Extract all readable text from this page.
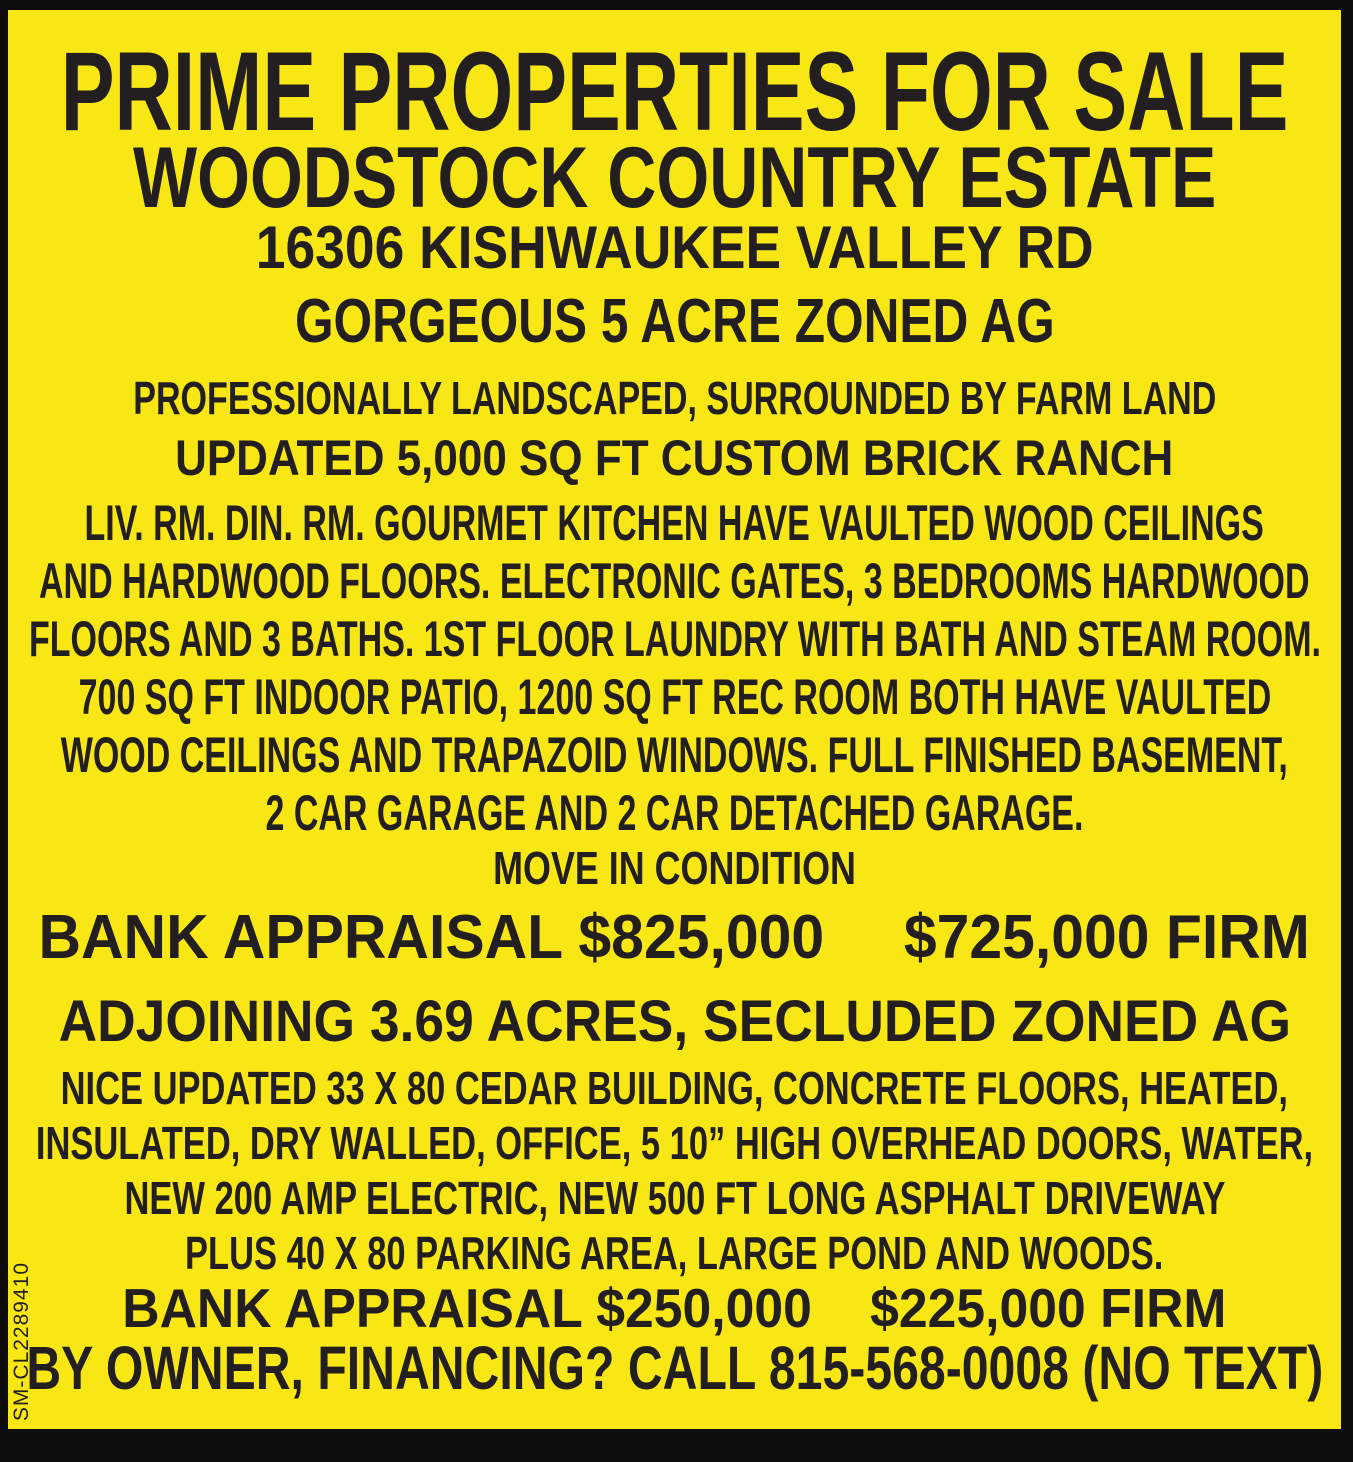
PRIME PROPERTIES FOR SALE
WOODSTOCK COUNTRY ESTATE
16306 KISHWAUKEE VALLEY RD
GORGEOUS 5 ACRE ZONED AG
PROFESSIONALLY LANDSCAPED, SURROUNDED BY FARM LAND
UPDATED 5,000 SQ FT CUSTOM BRICK RANCH
LIV. RM. DIN. RM. GOURMET KITCHEN HAVE VAULTED WOOD CEILINGS
AND HARDWOOD FLOORS. ELECTRONIC GATES, 3 BEDROOMS HARDWOOD
FLOORS AND 3 BATHS. 1ST FLOOR LAUNDRY WITH BATH AND STEAM ROOM.
700 SQ FT INDOOR PATIO, 1200 SQ FT REC ROOM BOTH HAVE VAULTED
WOOD CEILINGS AND TRAPAZOID WINDOWS. FULL FINISHED BASEMENT,
2 CAR GARAGE AND 2 CAR DETACHED GARAGE.
MOVE IN CONDITION
BANK APPRAISAL $825,000 $725,000 FIRM
ADJOINING 3.69 ACRES, SECLUDED ZONED AG
NICE UPDATED 33 X 80 CEDAR BUILDING, CONCRETE FLOORS, HEATED,
INSULATED, DRY WALLED, OFFICE, 5 10” HIGH OVERHEAD DOORS, WATER,
NEW 200 AMP ELECTRIC, NEW 500 FT LONG ASPHALT DRIVEWAY
PLUS 40 X 80 PARKING AREA, LARGE POND AND WOODS.
BANK APPRAISAL $250,000 $225,000 FIRM
BY OWNER, FINANCING? CALL 815-568-0008 (NO TEXT)
SM-CL2289410
